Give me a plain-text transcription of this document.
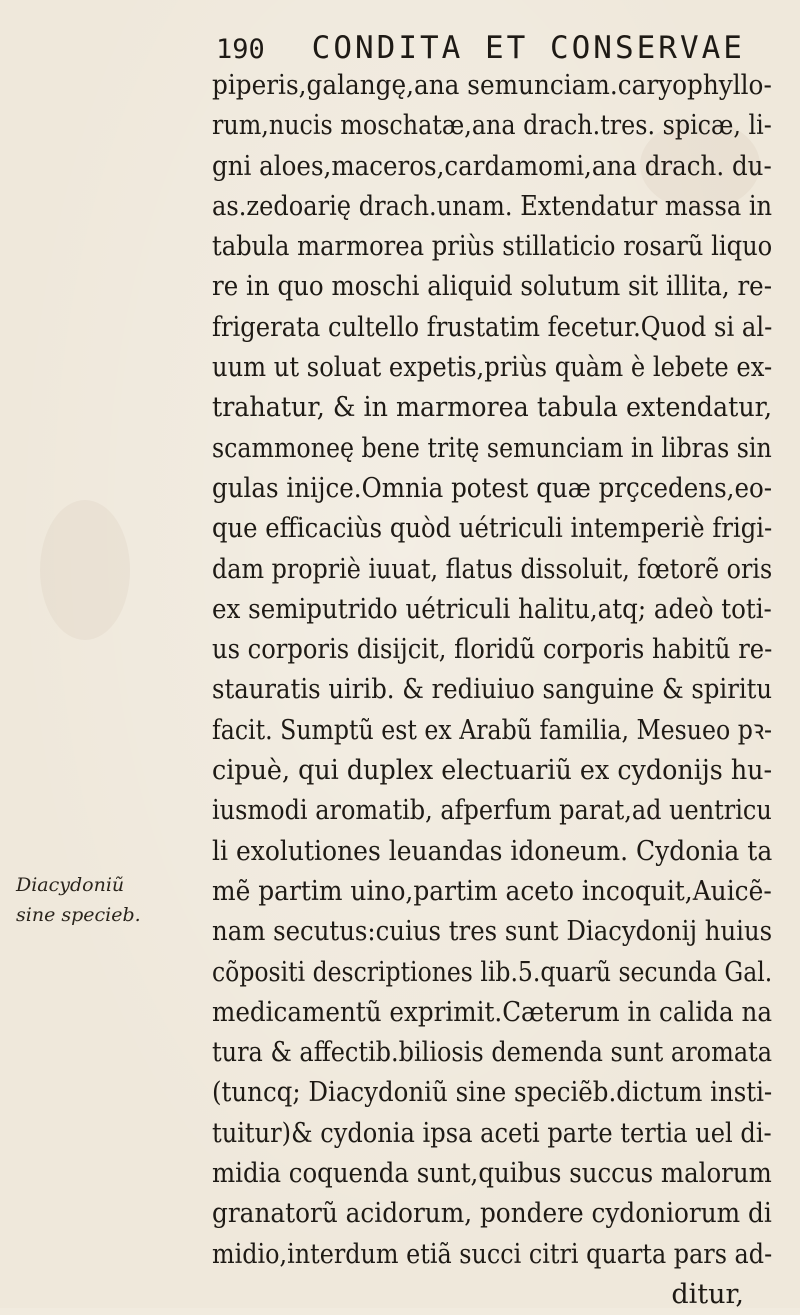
190 CONDITA ET CONSERVAE
piperis,galangę,ana semunciam.caryophyllo-
rum,nucis moschatæ,ana drach.tres. spicæ, li-
gni aloes,maceros,cardamomi,ana drach. du-
as.zedoarię drach.unam. Extendatur massa in
tabula marmorea priùs stillaticio rosarũ liquo
re in quo moschi aliquid solutum sit illita, re-
frigerata cultello frustatim fecetur.Quod si al-
uum ut soluat expetis,priùs quàm è lebete ex-
trahatur, & in marmorea tabula extendatur,
scammoneę bene tritę semunciam in libras sin
gulas inijce.Omnia potest quæ prçcedens,eo-
que efficaciùs quòd uétriculi intemperiè frigi-
dam propriè iuuat, flatus dissoluit, fœtorẽ oris
ex semiputrido uétriculi halitu,atq; adeò toti-
us corporis disijcit, floridũ corporis habitũ re-
stauratis uirib. & rediuiuo sanguine & spiritu
facit. Sumptũ est ex Arabũ familia, Mesueo pꝛ-
cipuè, qui duplex electuariũ ex cydonijs hu-
iusmodi aromatib, afperfum parat,ad uentricu
li exolutiones leuandas idoneum. Cydonia ta
mẽ partim uino,partim aceto incoquit,Auicẽ-
nam secutus:cuius tres sunt Diacydonij huius
cõpositi descriptiones lib.5.quarũ secunda Gal.
medicamentũ exprimit.Cæterum in calida na
tura & affectib.biliosis demenda sunt aromata
(tuncq; Diacydoniũ sine speciẽb.dictum insti-
tuitur)& cydonia ipsa aceti parte tertia uel di-
midia coquenda sunt,quibus succus malorum
granatorũ acidorum, pondere cydoniorum di
midio,interdum etiã succi citri quarta pars ad-
ditur,
Diacydoniũ
sine specieb.
